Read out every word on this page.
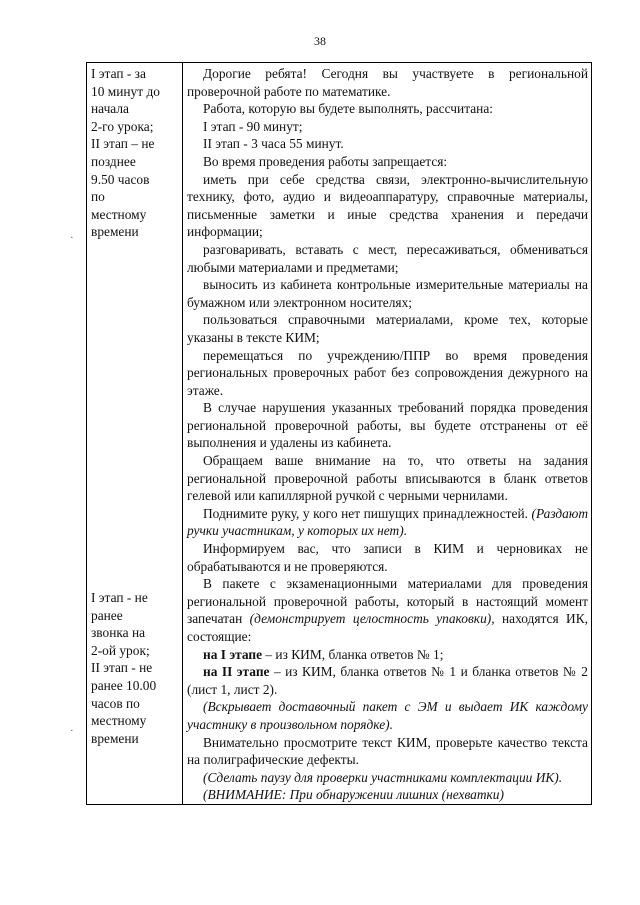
38
I этап - за
10 минут до
начала
2-го урока;
II этап – не
позднее
9.50 часов
по
местному
времени
I этап - не
ранее
звонка на
2-ой урок;
II этап - не
ранее 10.00
часов по
местному
времени

Дорогие ребята! Сегодня вы участвуете в региональной проверочной работе по математике.

Работа, которую вы будете выполнять, рассчитана:

I этап - 90 минут;

II этап - 3 часа 55 минут.

Во время проведения работы запрещается:

иметь при себе средства связи, электронно-вычислительную технику, фото, аудио и видеоаппаратуру, справочные материалы, письменные заметки и иные средства хранения и передачи информации;

разговаривать, вставать с мест, пересаживаться, обмениваться любыми материалами и предметами;

выносить из кабинета контрольные измерительные материалы на бумажном или электронном носителях;

пользоваться справочными материалами, кроме тех, которые указаны в тексте КИМ;

перемещаться по учреждению/ППР во время проведения региональных проверочных работ без сопровождения дежурного на этаже.

В случае нарушения указанных требований порядка проведения региональной проверочной работы, вы будете отстранены от её выполнения и удалены из кабинета.

Обращаем ваше внимание на то, что ответы на задания региональной проверочной работы вписываются в бланк ответов гелевой или капиллярной ручкой с черными чернилами.

Поднимите руку, у кого нет пишущих принадлежностей. (Раздают ручки участникам, у которых их нет).

Информируем вас, что записи в КИМ и черновиках не обрабатываются и не проверяются.

В пакете с экзаменационными материалами для проведения региональной проверочной работы, который в настоящий момент запечатан (демонстрирует целостность упаковки), находятся ИК, состоящие:

на I этапе – из КИМ, бланка ответов № 1;

на II этапе – из КИМ, бланка ответов № 1 и бланка ответов № 2 (лист 1, лист 2).

(Вскрывает доставочный пакет с ЭМ и выдает ИК каждому участнику в произвольном порядке).

Внимательно просмотрите текст КИМ, проверьте качество текста на полиграфические дефекты.

(Сделать паузу для проверки участниками комплектации ИК).

(ВНИМАНИЕ: При обнаружении лишних (нехватки)

·
·
